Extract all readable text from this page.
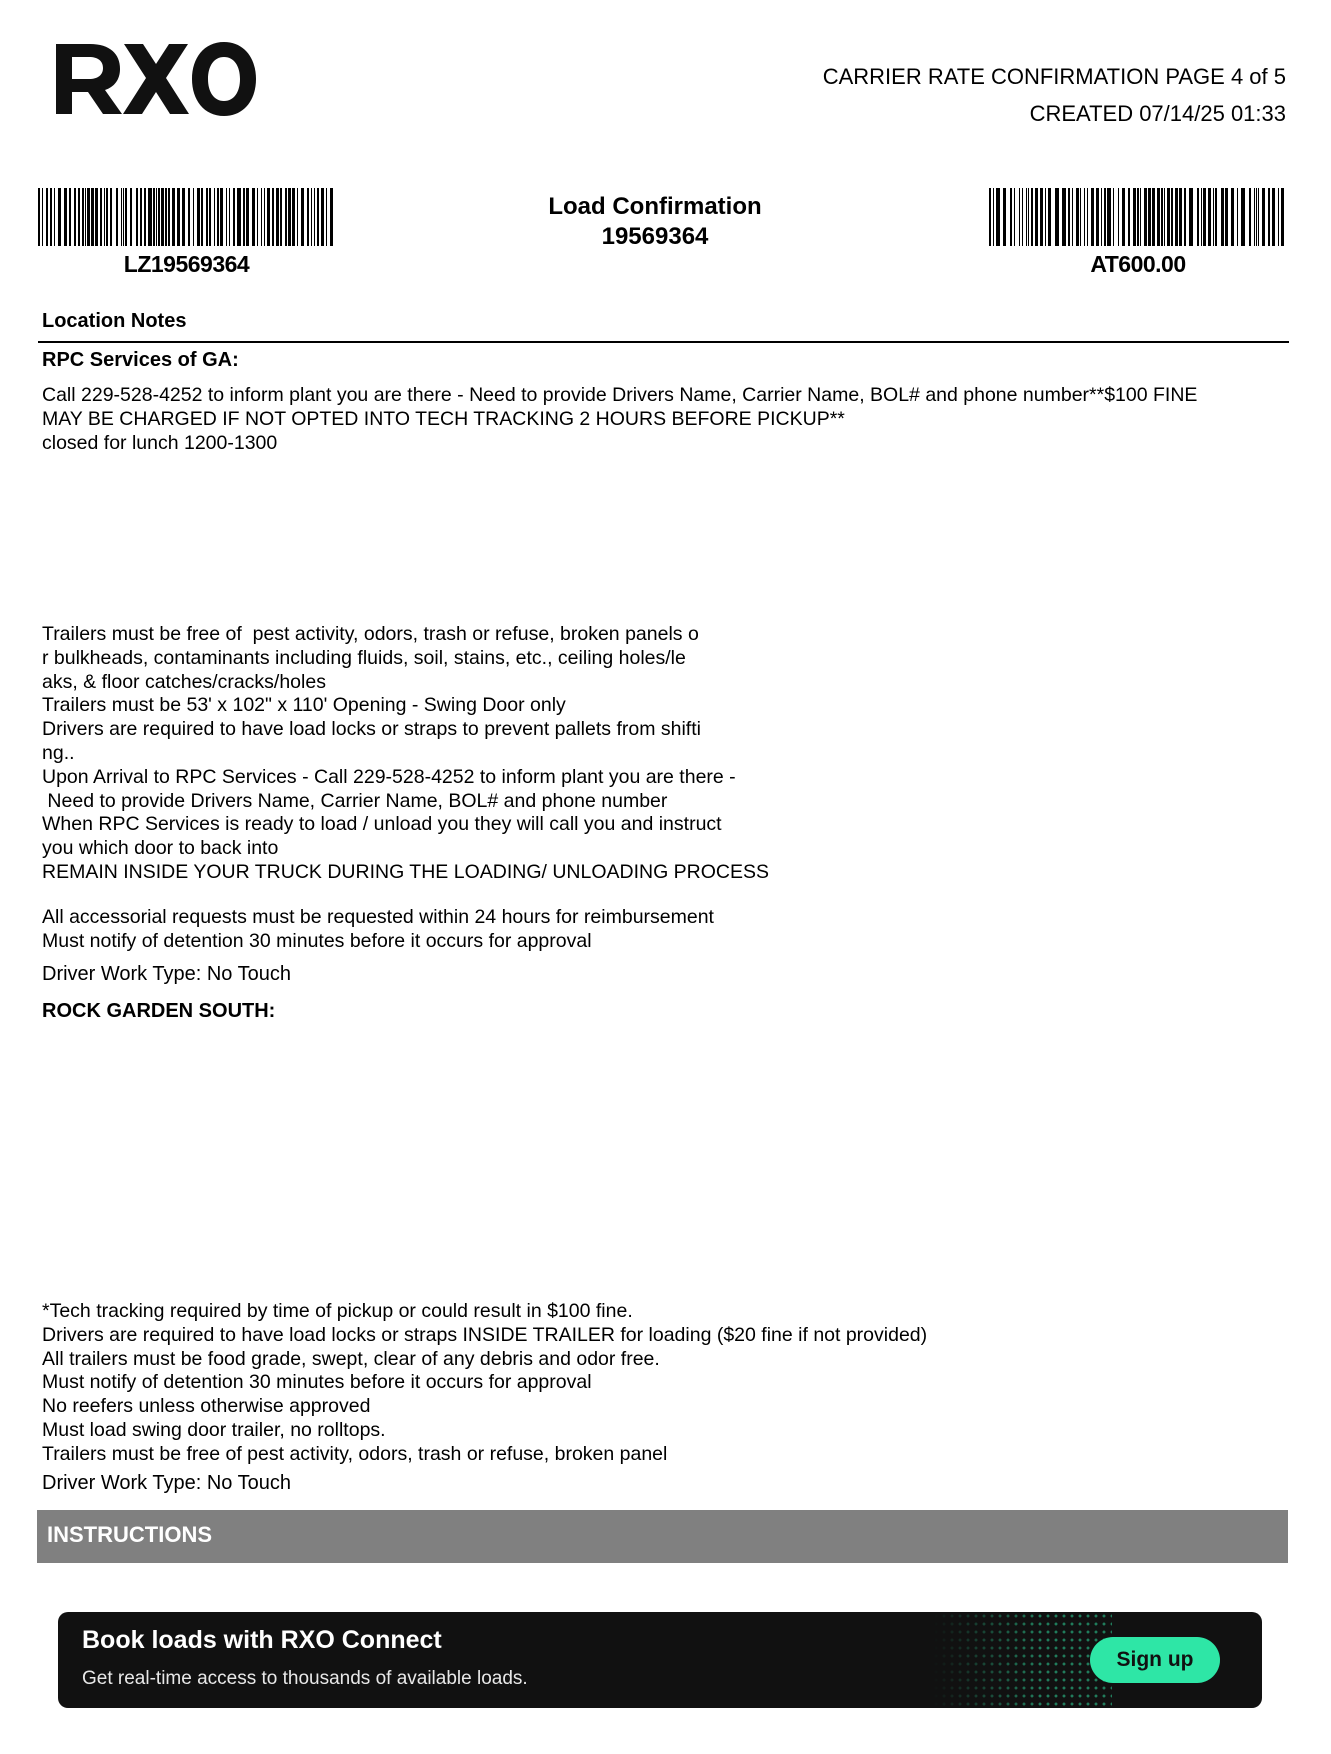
CARRIER RATE CONFIRMATION PAGE 4 of 5
CREATED 07/14/25 01:33
LZ19569364
Load Confirmation
19569364
AT600.00
Location Notes
RPC Services of GA:
Call 229-528-4252 to inform plant you are there - Need to provide Drivers Name, Carrier Name, BOL# and phone number**$100 FINE
MAY BE CHARGED IF NOT OPTED INTO TECH TRACKING 2 HOURS BEFORE PICKUP**
closed for lunch 1200-1300
Trailers must be free of  pest activity, odors, trash or refuse, broken panels o
r bulkheads, contaminants including fluids, soil, stains, etc., ceiling holes/le
aks, & floor catches/cracks/holes
Trailers must be 53' x 102" x 110' Opening - Swing Door only
Drivers are required to have load locks or straps to prevent pallets from shifti
ng..
Upon Arrival to RPC Services - Call 229-528-4252 to inform plant you are there -
Need to provide Drivers Name, Carrier Name, BOL# and phone number
When RPC Services is ready to load / unload you they will call you and instruct
you which door to back into
REMAIN INSIDE YOUR TRUCK DURING THE LOADING/ UNLOADING PROCESS
All accessorial requests must be requested within 24 hours for reimbursement
Must notify of detention 30 minutes before it occurs for approval
Driver Work Type: No Touch
ROCK GARDEN SOUTH:
*Tech tracking required by time of pickup or could result in $100 fine.
Drivers are required to have load locks or straps INSIDE TRAILER for loading ($20 fine if not provided)
All trailers must be food grade, swept, clear of any debris and odor free.
Must notify of detention 30 minutes before it occurs for approval
No reefers unless otherwise approved
Must load swing door trailer, no rolltops.
Trailers must be free of pest activity, odors, trash or refuse, broken panel
Driver Work Type: No Touch
INSTRUCTIONS
Book loads with RXO Connect
Get real-time access to thousands of available loads.
Sign up
